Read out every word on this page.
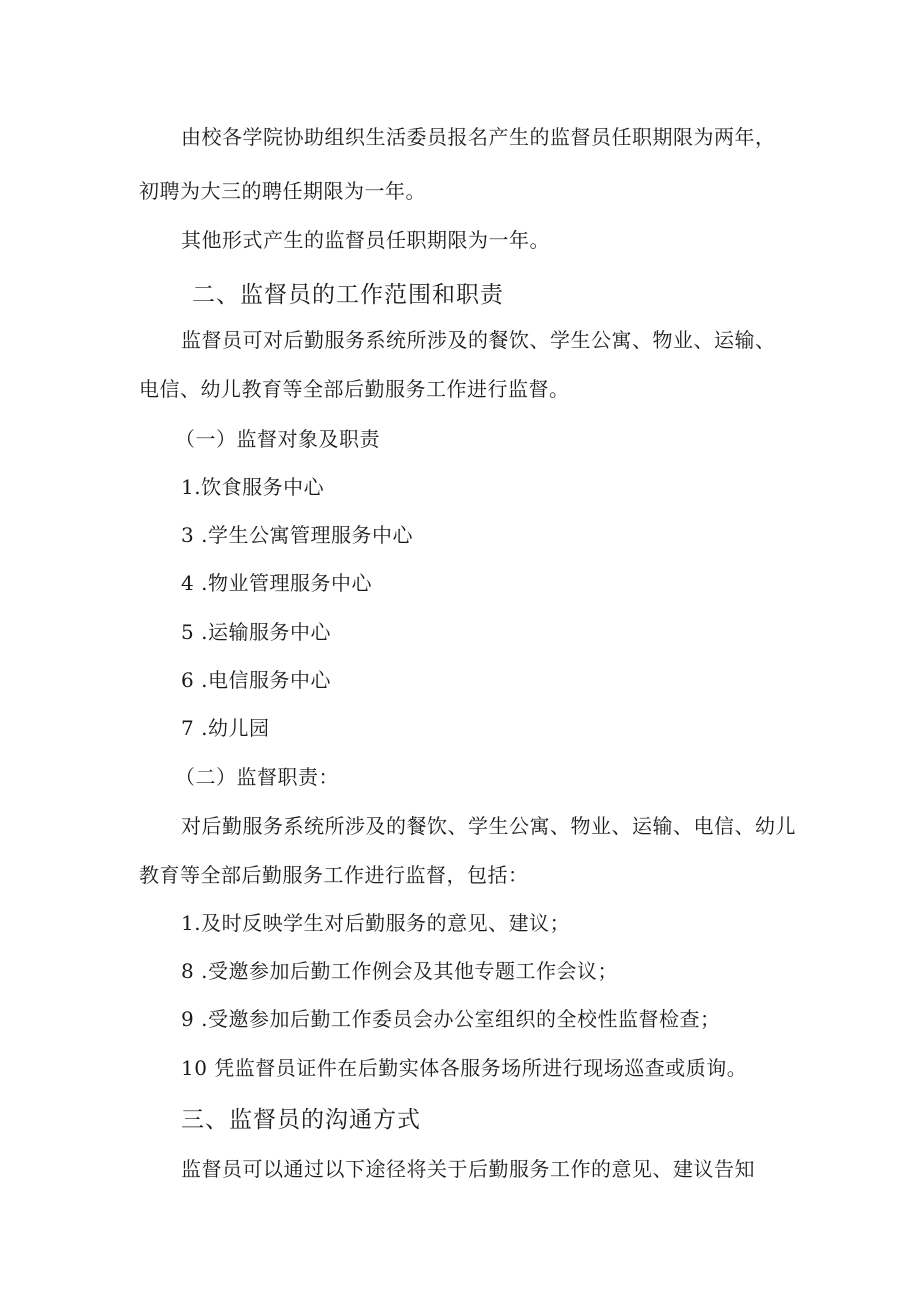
由校各学院协助组织生活委员报名产生的监督员任职期限为两年，
初聘为大三的聘任期限为一年。
其他形式产生的监督员任职期限为一年。
二、监督员的工作范围和职责
监督员可对后勤服务系统所涉及的餐饮、学生公寓、物业、运输、
电信、幼儿教育等全部后勤服务工作进行监督。
（一）监督对象及职责
1.饮食服务中心
3 .学生公寓管理服务中心
4 .物业管理服务中心
5 .运输服务中心
6 .电信服务中心
7 .幼儿园
（二）监督职责：
对后勤服务系统所涉及的餐饮、学生公寓、物业、运输、电信、幼儿
教育等全部后勤服务工作进行监督，包括：
1.及时反映学生对后勤服务的意见、建议；
8 .受邀参加后勤工作例会及其他专题工作会议；
9 .受邀参加后勤工作委员会办公室组织的全校性监督检查；
10 凭监督员证件在后勤实体各服务场所进行现场巡查或质询。
三、监督员的沟通方式
监督员可以通过以下途径将关于后勤服务工作的意见、建议告知
